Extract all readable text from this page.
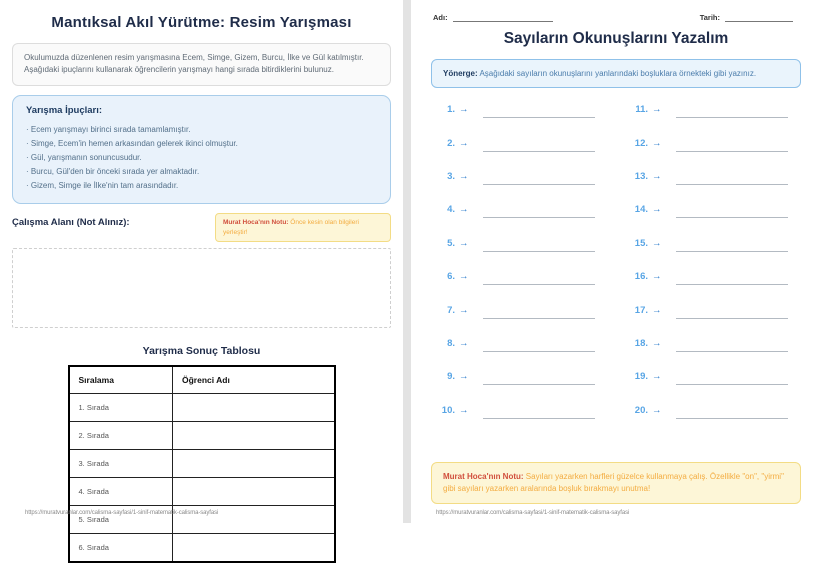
Mantıksal Akıl Yürütme: Resim Yarışması
Okulumuzda düzenlenen resim yarışmasına Ecem, Simge, Gizem, Burcu, İlke ve Gül katılmıştır. Aşağıdaki ipuçlarını kullanarak öğrencilerin yarışmayı hangi sırada bitirdiklerini bulunuz.
Yarışma İpuçları:
· Ecem yarışmayı birinci sırada tamamlamıştır.
· Simge, Ecem'in hemen arkasından gelerek ikinci olmuştur.
· Gül, yarışmanın sonuncusudur.
· Burcu, Gül'den bir önceki sırada yer almaktadır.
· Gizem, Simge ile İlke'nin tam arasındadır.
Çalışma Alanı (Not Alınız):	Murat Hoca'nın Notu: Önce kesin olan bilgileri yerleştir!
Yarışma Sonuç Tablosu
Sıralama	Öğrenci Adı
1. Sırada	
2. Sırada	
3. Sırada	
4. Sırada	
5. Sırada	
6. Sırada	
https://muratvuranlar.com/calisma-sayfasi/1-sinif-matematik-calisma-sayfasi
Adı:	Tarih:
Sayıların Okunuşlarını Yazalım
Yönerge: Aşağıdaki sayıların okunuşlarını yanlarındaki boşluklara örnekteki gibi yazınız.
1. →
2. →
3. →
4. →
5. →
6. →
7. →
8. →
9. →
10. →
11. →
12. →
13. →
14. →
15. →
16. →
17. →
18. →
19. →
20. →
Murat Hoca'nın Notu: Sayıları yazarken harfleri güzelce kullanmaya çalış. Özellikle "on", "yirmi" gibi sayıları yazarken aralarında boşluk bırakmayı unutma!
https://muratvuranlar.com/calisma-sayfasi/1-sinif-matematik-calisma-sayfasi
